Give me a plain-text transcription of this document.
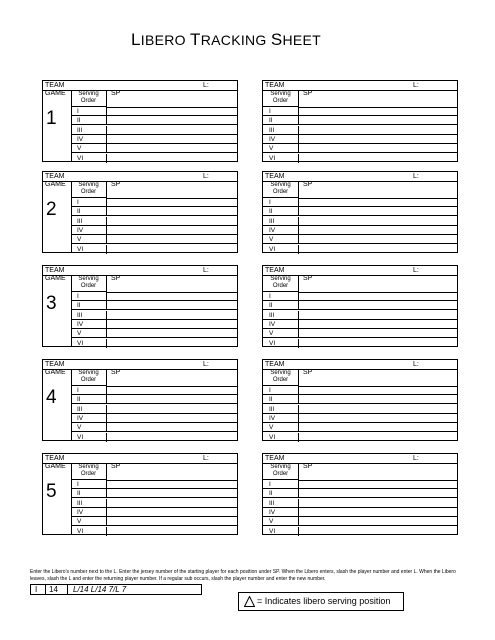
LIBERO TRACKING SHEET
TEAM	L:
GAME
1
Serving Order
SP
I
II
III
IV
V
VI
TEAM	L:
Serving Order
SP
I
II
III
IV
V
VI
TEAM	L:
GAME
2
Serving Order
SP
I
II
III
IV
V
VI
TEAM	L:
Serving Order
SP
I
II
III
IV
V
VI
TEAM	L:
GAME
3
Serving Order
SP
I
II
III
IV
V
VI
TEAM	L:
Serving Order
SP
I
II
III
IV
V
VI
TEAM	L:
GAME
4
Serving Order
SP
I
II
III
IV
V
VI
TEAM	L:
Serving Order
SP
I
II
III
IV
V
VI
TEAM	L:
GAME
5
Serving Order
SP
I
II
III
IV
V
VI
TEAM	L:
Serving Order
SP
I
II
III
IV
V
VI
Enter the Libero's number next to the L. Enter the jersey number of the starting player for each position under SP. When the Libero enters, slash the player number and enter L. When the Libero leaves, slash the L and enter the returning player number. If a regular sub occurs, slash the player number and enter the new number.
I 14 L/14 L/14 7/L 7
= Indicates libero serving position
